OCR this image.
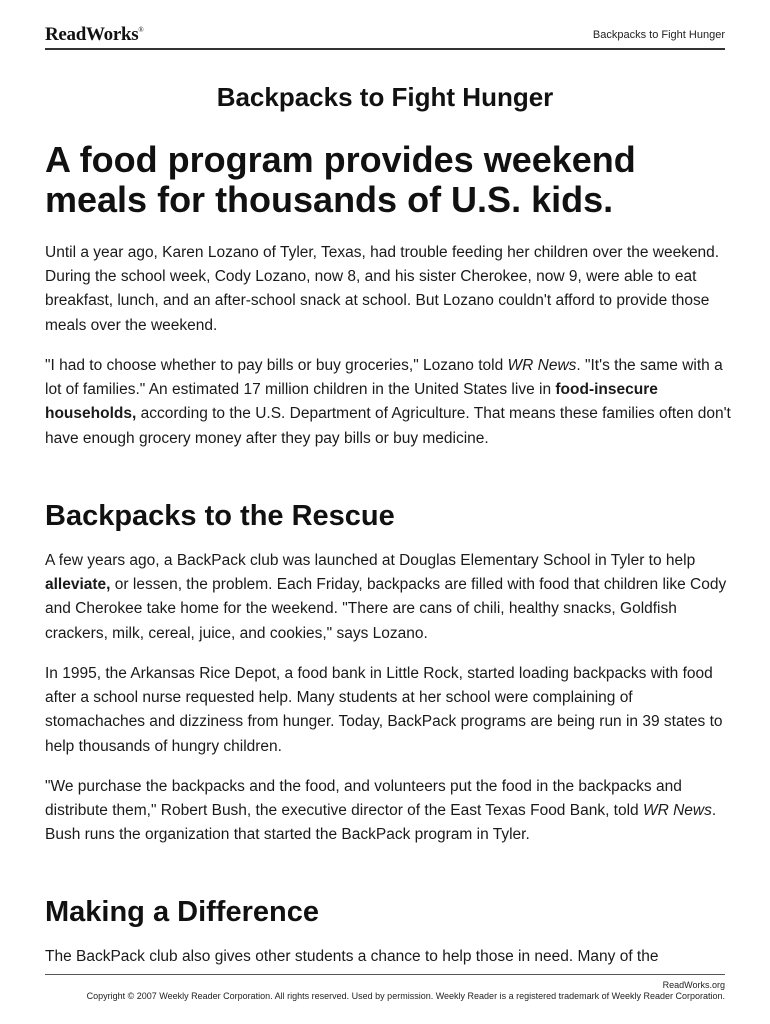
ReadWorks®	Backpacks to Fight Hunger
Backpacks to Fight Hunger
A food program provides weekend meals for thousands of U.S. kids.

Until a year ago, Karen Lozano of Tyler, Texas, had trouble feeding her children over the weekend. During the school week, Cody Lozano, now 8, and his sister Cherokee, now 9, were able to eat breakfast, lunch, and an after-school snack at school. But Lozano couldn't afford to provide those meals over the weekend.

"I had to choose whether to pay bills or buy groceries," Lozano told WR News. "It's the same with a lot of families." An estimated 17 million children in the United States live in food-insecure households, according to the U.S. Department of Agriculture. That means these families often don't have enough grocery money after they pay bills or buy medicine.

Backpacks to the Rescue

A few years ago, a BackPack club was launched at Douglas Elementary School in Tyler to help alleviate, or lessen, the problem. Each Friday, backpacks are filled with food that children like Cody and Cherokee take home for the weekend. "There are cans of chili, healthy snacks, Goldfish crackers, milk, cereal, juice, and cookies," says Lozano.

In 1995, the Arkansas Rice Depot, a food bank in Little Rock, started loading backpacks with food after a school nurse requested help. Many students at her school were complaining of stomachaches and dizziness from hunger. Today, BackPack programs are being run in 39 states to help thousands of hungry children.

"We purchase the backpacks and the food, and volunteers put the food in the backpacks and distribute them," Robert Bush, the executive director of the East Texas Food Bank, told WR News. Bush runs the organization that started the BackPack program in Tyler.

Making a Difference

The BackPack club also gives other students a chance to help those in need. Many of the

ReadWorks.org
Copyright © 2007 Weekly Reader Corporation. All rights reserved. Used by permission. Weekly Reader is a registered trademark of Weekly Reader Corporation.
